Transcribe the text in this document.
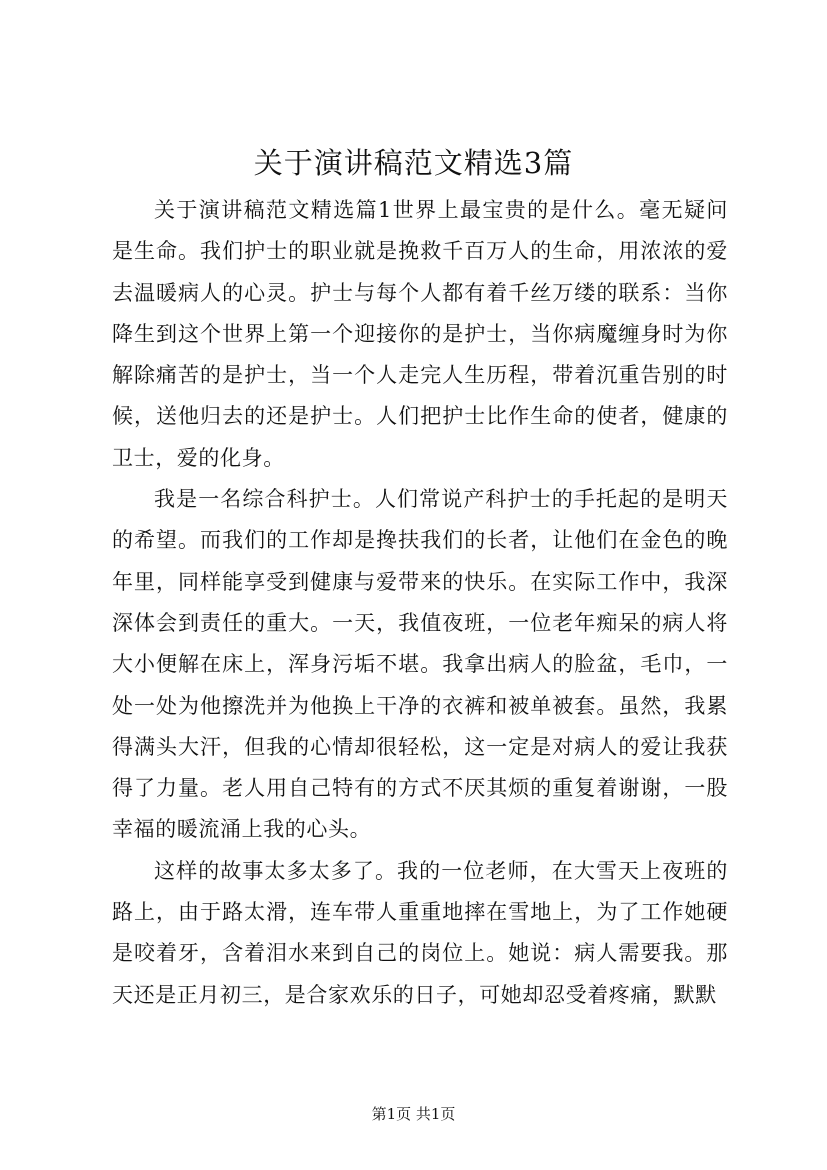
关于演讲稿范文精选3篇

关于演讲稿范文精选篇1世界上最宝贵的是什么。毫无疑问是生命。我们护士的职业就是挽救千百万人的生命，用浓浓的爱去温暖病人的心灵。护士与每个人都有着千丝万缕的联系：当你降生到这个世界上第一个迎接你的是护士，当你病魔缠身时为你解除痛苦的是护士，当一个人走完人生历程，带着沉重告别的时候，送他归去的还是护士。人们把护士比作生命的使者，健康的卫士，爱的化身。

我是一名综合科护士。人们常说产科护士的手托起的是明天的希望。而我们的工作却是搀扶我们的长者，让他们在金色的晚年里，同样能享受到健康与爱带来的快乐。在实际工作中，我深深体会到责任的重大。一天，我值夜班，一位老年痴呆的病人将大小便解在床上，浑身污垢不堪。我拿出病人的脸盆，毛巾，一处一处为他擦洗并为他换上干净的衣裤和被单被套。虽然，我累得满头大汗，但我的心情却很轻松，这一定是对病人的爱让我获得了力量。老人用自己特有的方式不厌其烦的重复着谢谢，一股幸福的暖流涌上我的心头。

这样的故事太多太多了。我的一位老师，在大雪天上夜班的路上，由于路太滑，连车带人重重地摔在雪地上，为了工作她硬是咬着牙，含着泪水来到自己的岗位上。她说：病人需要我。那天还是正月初三，是合家欢乐的日子，可她却忍受着疼痛，默默

第1页 共1页
